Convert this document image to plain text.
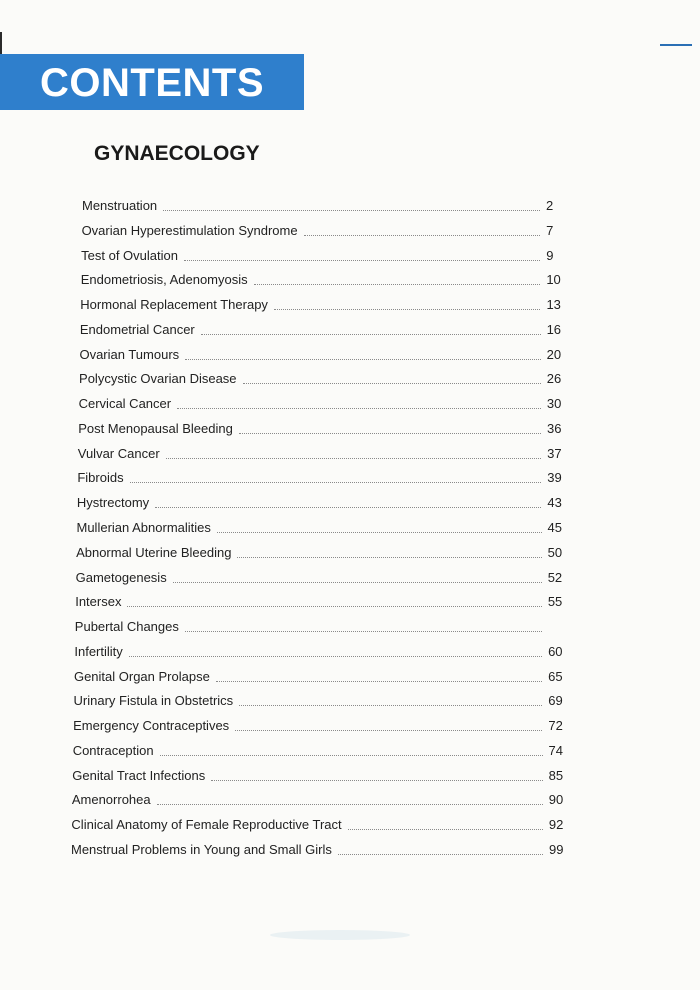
CONTENTS
GYNAECOLOGY
Menstruation	2
Ovarian Hyperestimulation Syndrome	7
Test of Ovulation	9
Endometriosis, Adenomyosis	10
Hormonal Replacement Therapy	13
Endometrial Cancer	16
Ovarian Tumours	20
Polycystic Ovarian Disease	26
Cervical Cancer	30
Post Menopausal Bleeding	36
Vulvar Cancer	37
Fibroids	39
Hystrectomy	43
Mullerian Abnormalities	45
Abnormal Uterine Bleeding	50
Gametogenesis	52
Intersex	55
Pubertal Changes
Infertility	60
Genital Organ Prolapse	65
Urinary Fistula in Obstetrics	69
Emergency Contraceptives	72
Contraception	74
Genital Tract Infections	85
Amenorrohea	90
Clinical Anatomy of Female Reproductive Tract	92
Menstrual Problems in Young and Small Girls	99
